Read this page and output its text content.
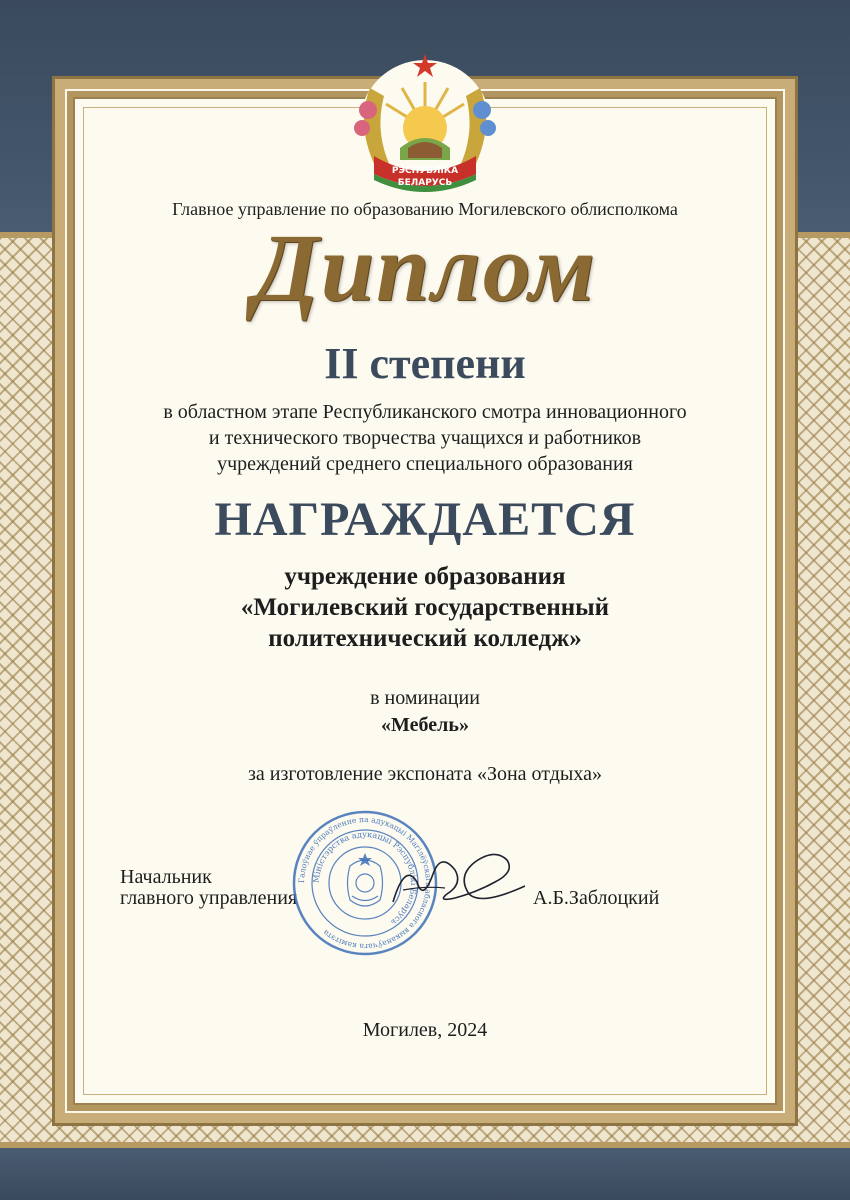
РЭСПУБЛІКА
БЕЛАРУСЬ
Главное управление по образованию Могилевского облисполкома
Диплом
II степени
в областном этапе Республиканского смотра инновационного
и технического творчества учащихся и работников
учреждений среднего специального образования
НАГРАЖДАЕТСЯ
учреждение образования
«Могилевский государственный
политехнический колледж»
в номинации
«Мебель»
за изготовление экспоната «Зона отдыха»
Начальник
главного управления	А.Б.Заблоцкий
Галоўнае ўпраўленне па адукацыі Магілёўскага абласнога выканаўчага камітэта
Міністэрства адукацыі Рэспублікі Беларусь
Могилев, 2024
